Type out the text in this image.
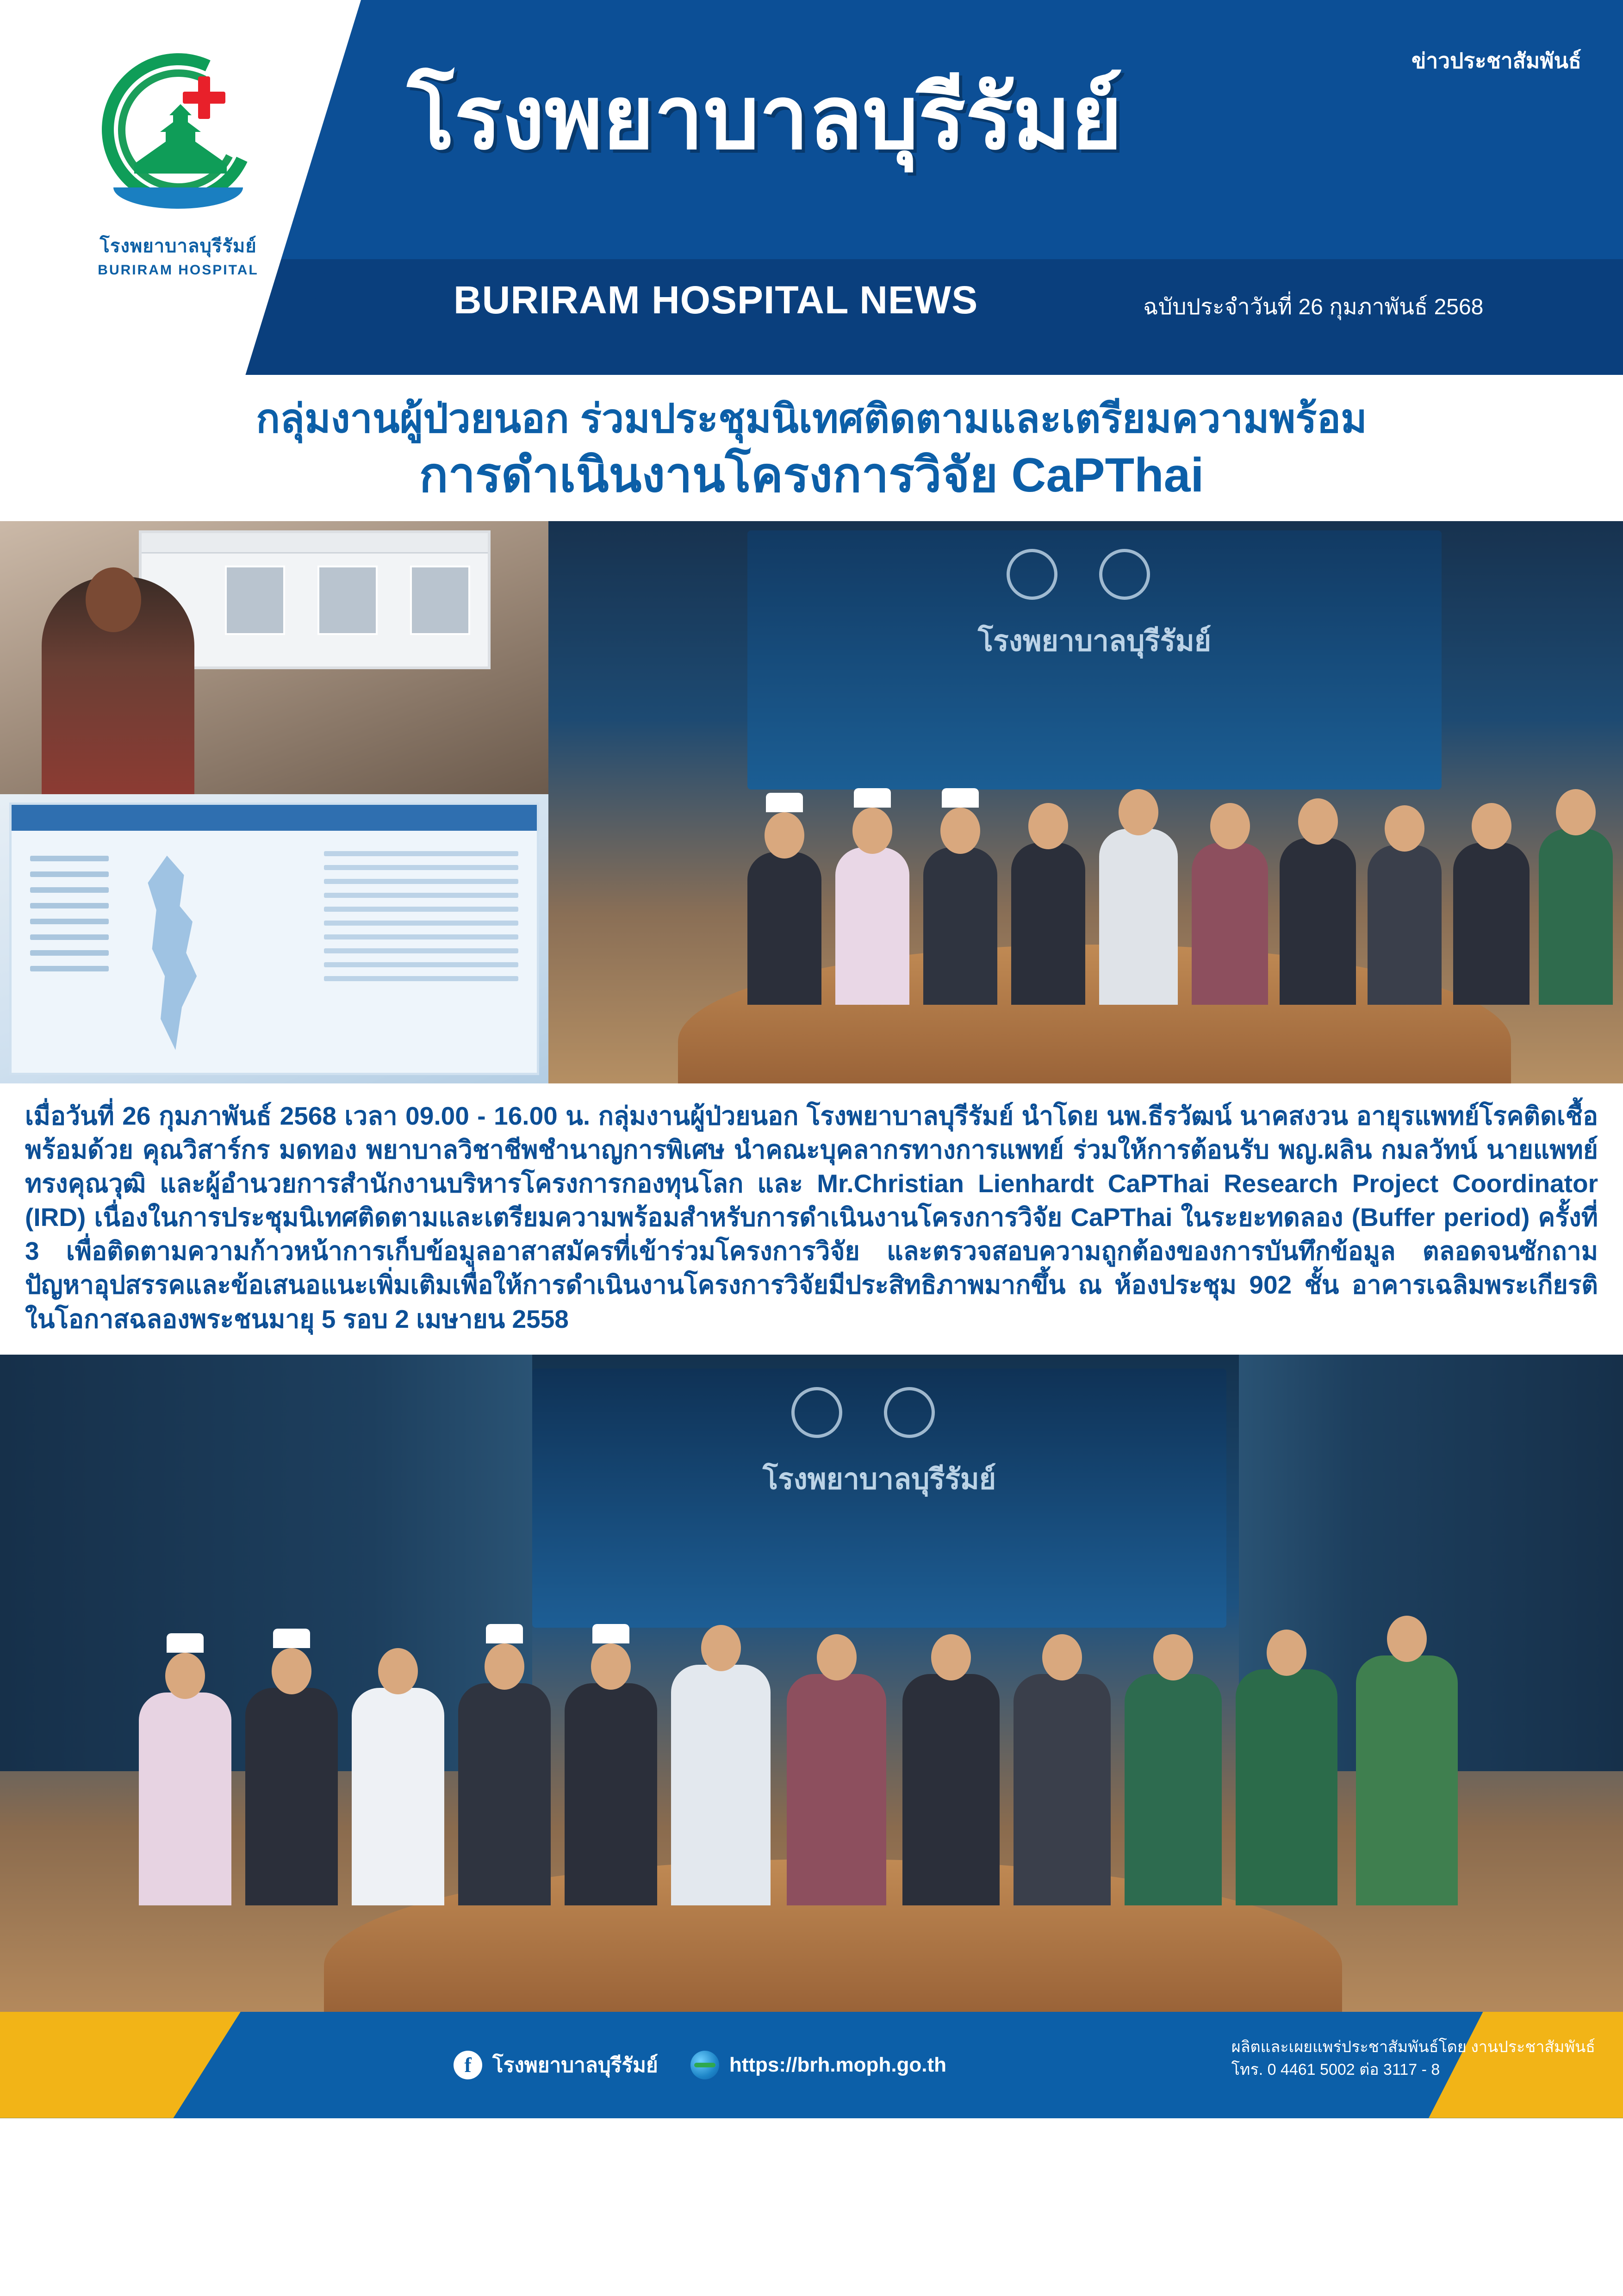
โรงพยาบาลบุรีรัมย์
BURIRAM HOSPITAL
ข่าวประชาสัมพันธ์
โรงพยาบาลบุรีรัมย์
BURIRAM HOSPITAL NEWS	ฉบับประจำวันที่ 26 กุมภาพันธ์ 2568
กลุ่มงานผู้ป่วยนอก ร่วมประชุมนิเทศติดตามและเตรียมความพร้อม
การดำเนินงานโครงการวิจัย CaPThai
โรงพยาบาลบุรีรัมย์

เมื่อวันที่ 26 กุมภาพันธ์ 2568 เวลา 09.00 - 16.00 น. กลุ่มงานผู้ป่วยนอก โรงพยาบาลบุรีรัมย์ นำโดย นพ.ธีรวัฒน์ นาคสงวน อายุรแพทย์โรคติดเชื้อ พร้อมด้วย คุณวิสาร์กร มดทอง พยาบาลวิชาชีพชำนาญการพิเศษ นำคณะบุคลากรทางการแพทย์ ร่วมให้การต้อนรับ พญ.ผลิน กมลวัทน์ นายแพทย์ทรงคุณวุฒิ และผู้อำนวยการสำนักงานบริหารโครงการกองทุนโลก และ Mr.Christian Lienhardt CaPThai Research Project Coordinator (IRD) เนื่องในการประชุมนิเทศติดตามและเตรียมความพร้อมสำหรับการดำเนินงานโครงการวิจัย CaPThai ในระยะทดลอง (Buffer period) ครั้งที่ 3 เพื่อติดตามความก้าวหน้าการเก็บข้อมูลอาสาสมัครที่เข้าร่วมโครงการวิจัย และตรวจสอบความถูกต้องของการบันทึกข้อมูล ตลอดจนซักถามปัญหาอุปสรรคและข้อเสนอแนะเพิ่มเติมเพื่อให้การดำเนินงานโครงการวิจัยมีประสิทธิภาพมากขึ้น ณ ห้องประชุม 902 ชั้น อาคารเฉลิมพระเกียรติ ในโอกาสฉลองพระชนมายุ 5 รอบ 2 เมษายน 2558

โรงพยาบาลบุรีรัมย์
f	โรงพยาบาลบุรีรัมย์	https://brh.moph.go.th
ผลิตและเผยแพร่ประชาสัมพันธ์โดย งานประชาสัมพันธ์
โทร. 0 4461 5002 ต่อ 3117 - 8
